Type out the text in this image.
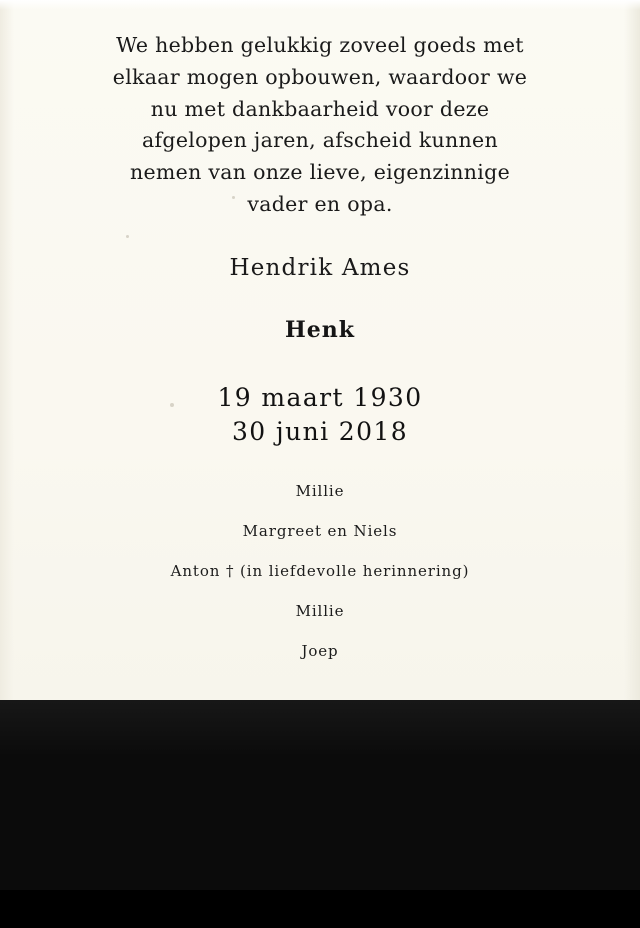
We hebben gelukkig zoveel goeds met
elkaar mogen opbouwen, waardoor we
nu met dankbaarheid voor deze
afgelopen jaren, afscheid kunnen
nemen van onze lieve, eigenzinnige
vader en opa.

Hendrik Ames

Henk

19 maart 1930
30 juni 2018

Millie
Margreet en Niels
Anton † (in liefdevolle herinnering)
Millie
Joep
